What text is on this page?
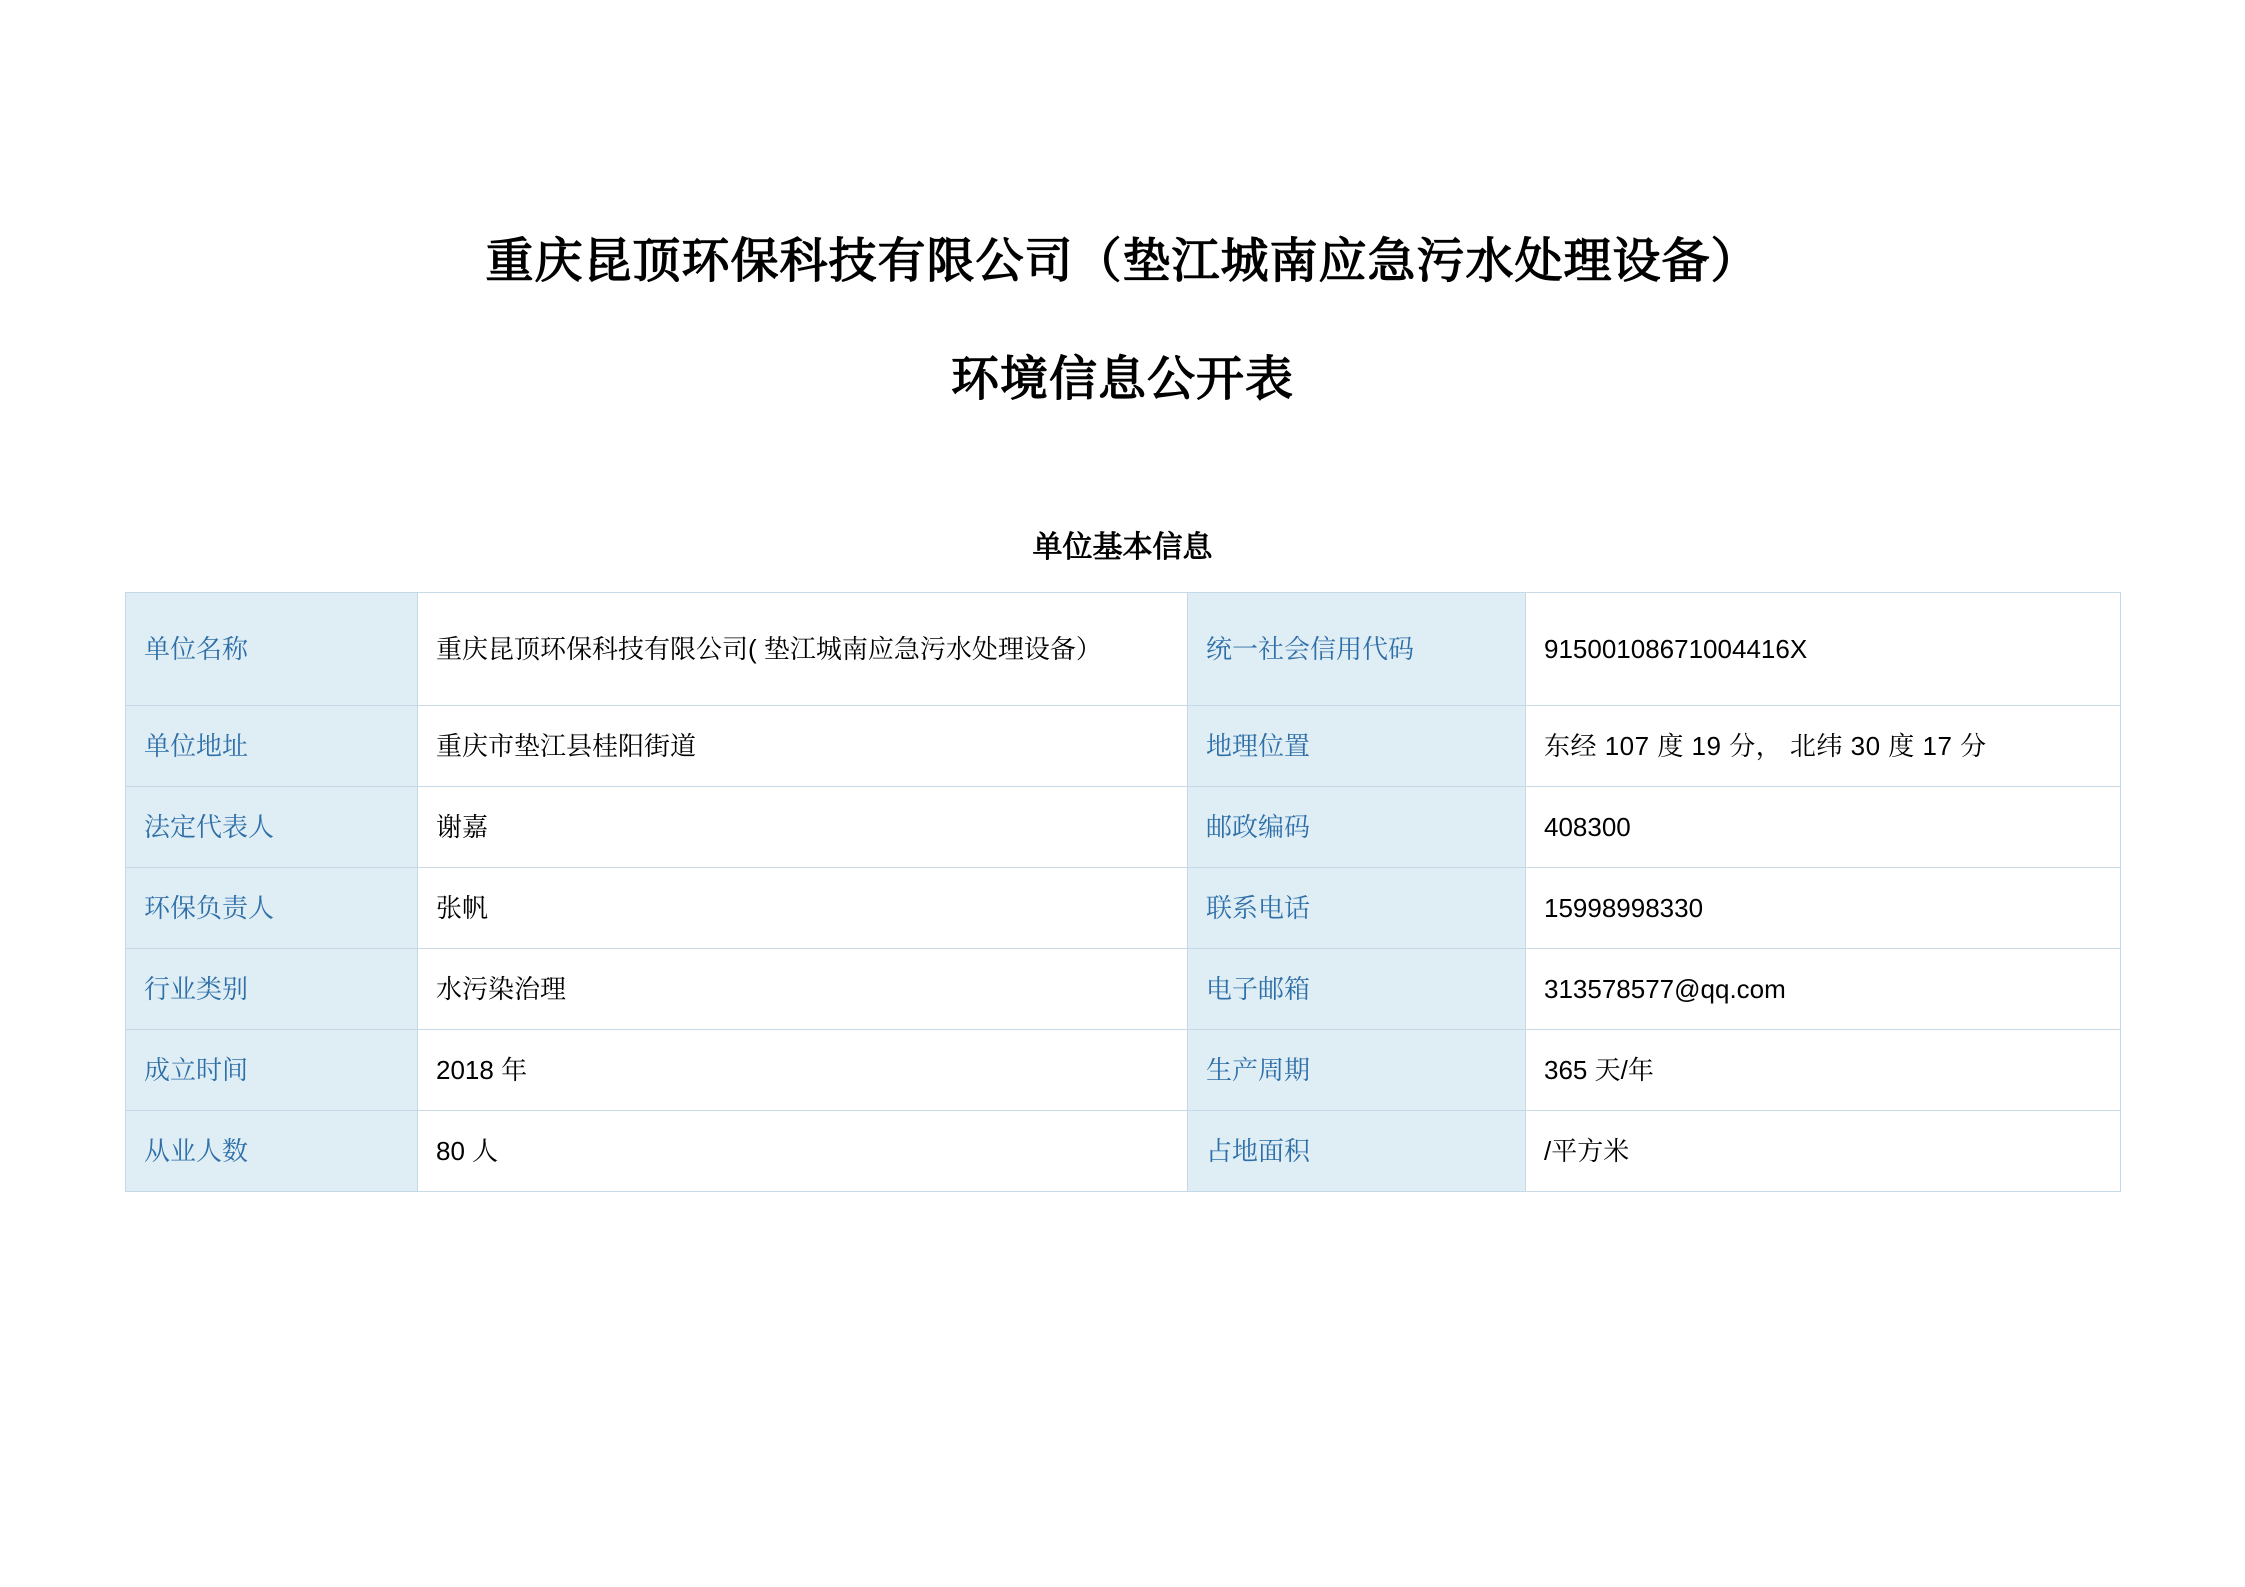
重庆昆顶环保科技有限公司（垫江城南应急污水处理设备）
环境信息公开表
单位基本信息
单位名称	重庆昆顶环保科技有限公司( 垫江城南应急污水处理设备）	统一社会信用代码	91500108671004416X
单位地址	重庆市垫江县桂阳街道	地理位置	东经 107 度 19 分， 北纬 30 度 17 分
法定代表人	谢嘉	邮政编码	408300
环保负责人	张帆	联系电话	15998998330
行业类别	水污染治理	电子邮箱	313578577@qq.com
成立时间	2018 年	生产周期	365 天/年
从业人数	80 人	占地面积	/平方米
